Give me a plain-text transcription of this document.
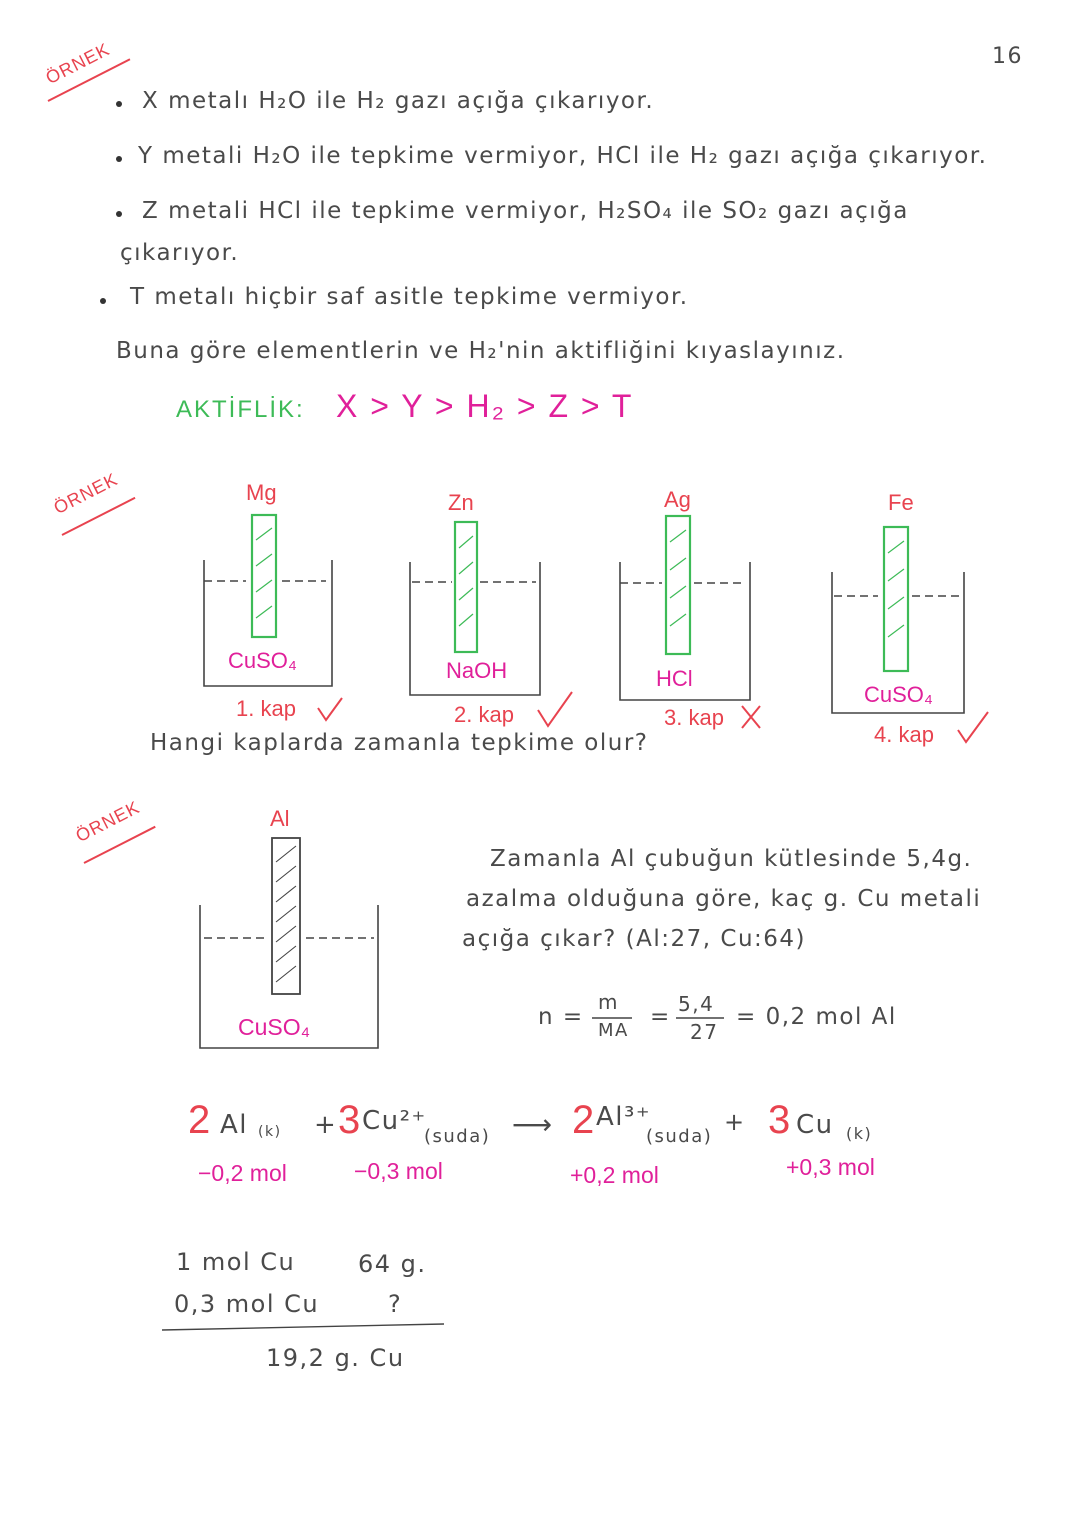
16
ÖRNEK
X metalı H₂O ile H₂ gazı açığa çıkarıyor.
Y metali H₂O ile tepkime vermiyor, HCl ile H₂ gazı açığa çıkarıyor.
Z metali HCl ile tepkime vermiyor, H₂SO₄ ile SO₂ gazı açığa
çıkarıyor.
T metalı hiçbir saf asitle tepkime vermiyor.
Buna göre elementlerin ve H₂'nin aktifliğini kıyaslayınız.
AKTİFLİK: X > Y > H₂ > Z > T
ÖRNEK	Mg	Zn	Ag	Fe
CuSO₄	NaOH	HCl
CuSO₄
1. kap	2. kap	3. kap
4. kap
Hangi kaplarda zamanla tepkime olur?
ÖRNEK	Al
CuSO₄
Zamanla Al çubuğun kütlesinde 5,4g.
azalma olduğuna göre, kaç g. Cu metali
açığa çıkar? (Al:27, Cu:64)
n =
m
MA
= 5,4
27
= 0,2 mol Al
2 Al (k) + 3 Cu²⁺
(suda) ⟶ 2 Al³⁺
(suda)
+ 3 Cu (k)
−0,2 mol	−0,3 mol	+0,2 mol	+0,3 mol
1 mol Cu	64 g.
0,3 mol Cu	?
19,2 g. Cu
